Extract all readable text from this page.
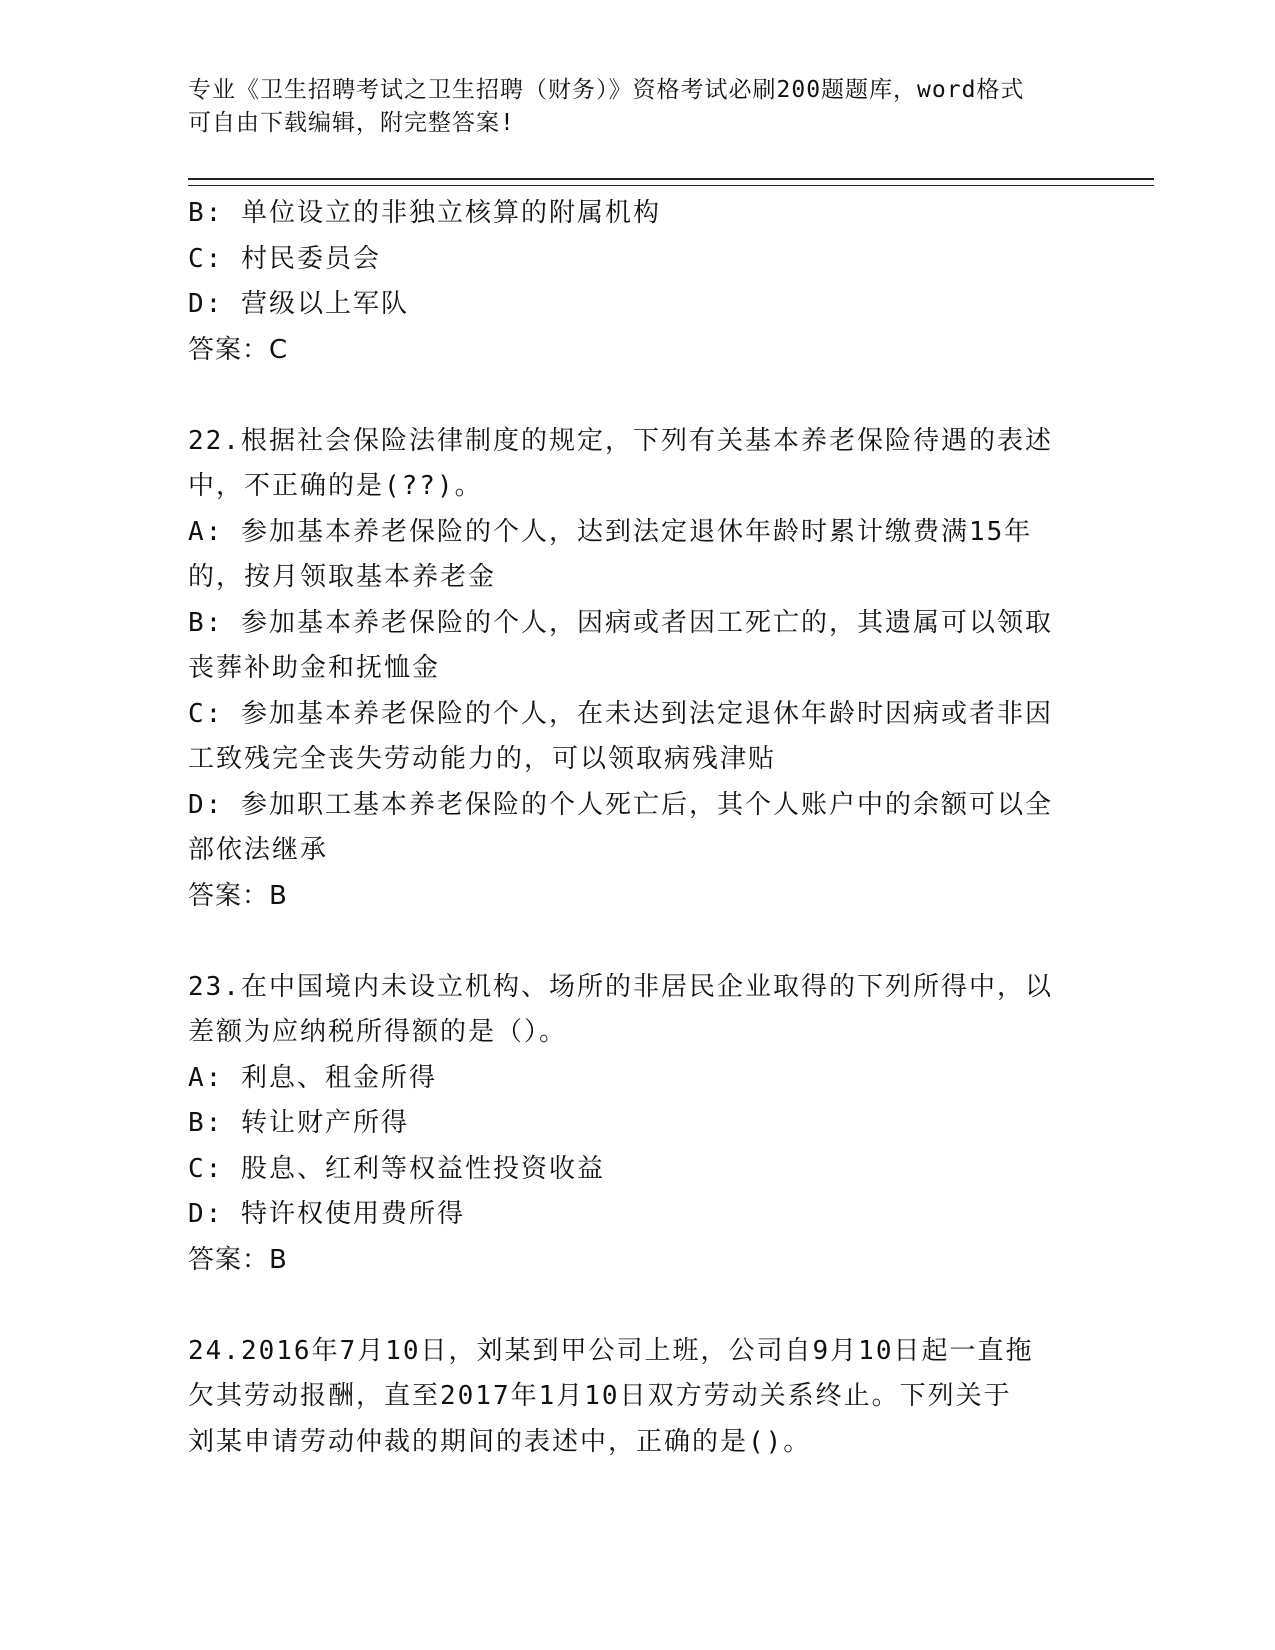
专业《卫生招聘考试之卫生招聘（财务）》资格考试必刷200题题库，word格式
可自由下载编辑，附完整答案!
B: 单位设立的非独立核算的附属机构
C: 村民委员会
D: 营级以上军队
答案：C
22.根据社会保险法律制度的规定，下列有关基本养老保险待遇的表述
中，不正确的是(??)。
A: 参加基本养老保险的个人，达到法定退休年龄时累计缴费满15年
的，按月领取基本养老金
B: 参加基本养老保险的个人，因病或者因工死亡的，其遗属可以领取
丧葬补助金和抚恤金
C: 参加基本养老保险的个人，在未达到法定退休年龄时因病或者非因
工致残完全丧失劳动能力的，可以领取病残津贴
D: 参加职工基本养老保险的个人死亡后，其个人账户中的余额可以全
部依法继承
答案：B
23.在中国境内未设立机构、场所的非居民企业取得的下列所得中，以
差额为应纳税所得额的是（）。
A: 利息、租金所得
B: 转让财产所得
C: 股息、红利等权益性投资收益
D: 特许权使用费所得
答案：B
24.2016年7月10日，刘某到甲公司上班，公司自9月10日起一直拖
欠其劳动报酬，直至2017年1月10日双方劳动关系终止。下列关于
刘某申请劳动仲裁的期间的表述中，正确的是()。
